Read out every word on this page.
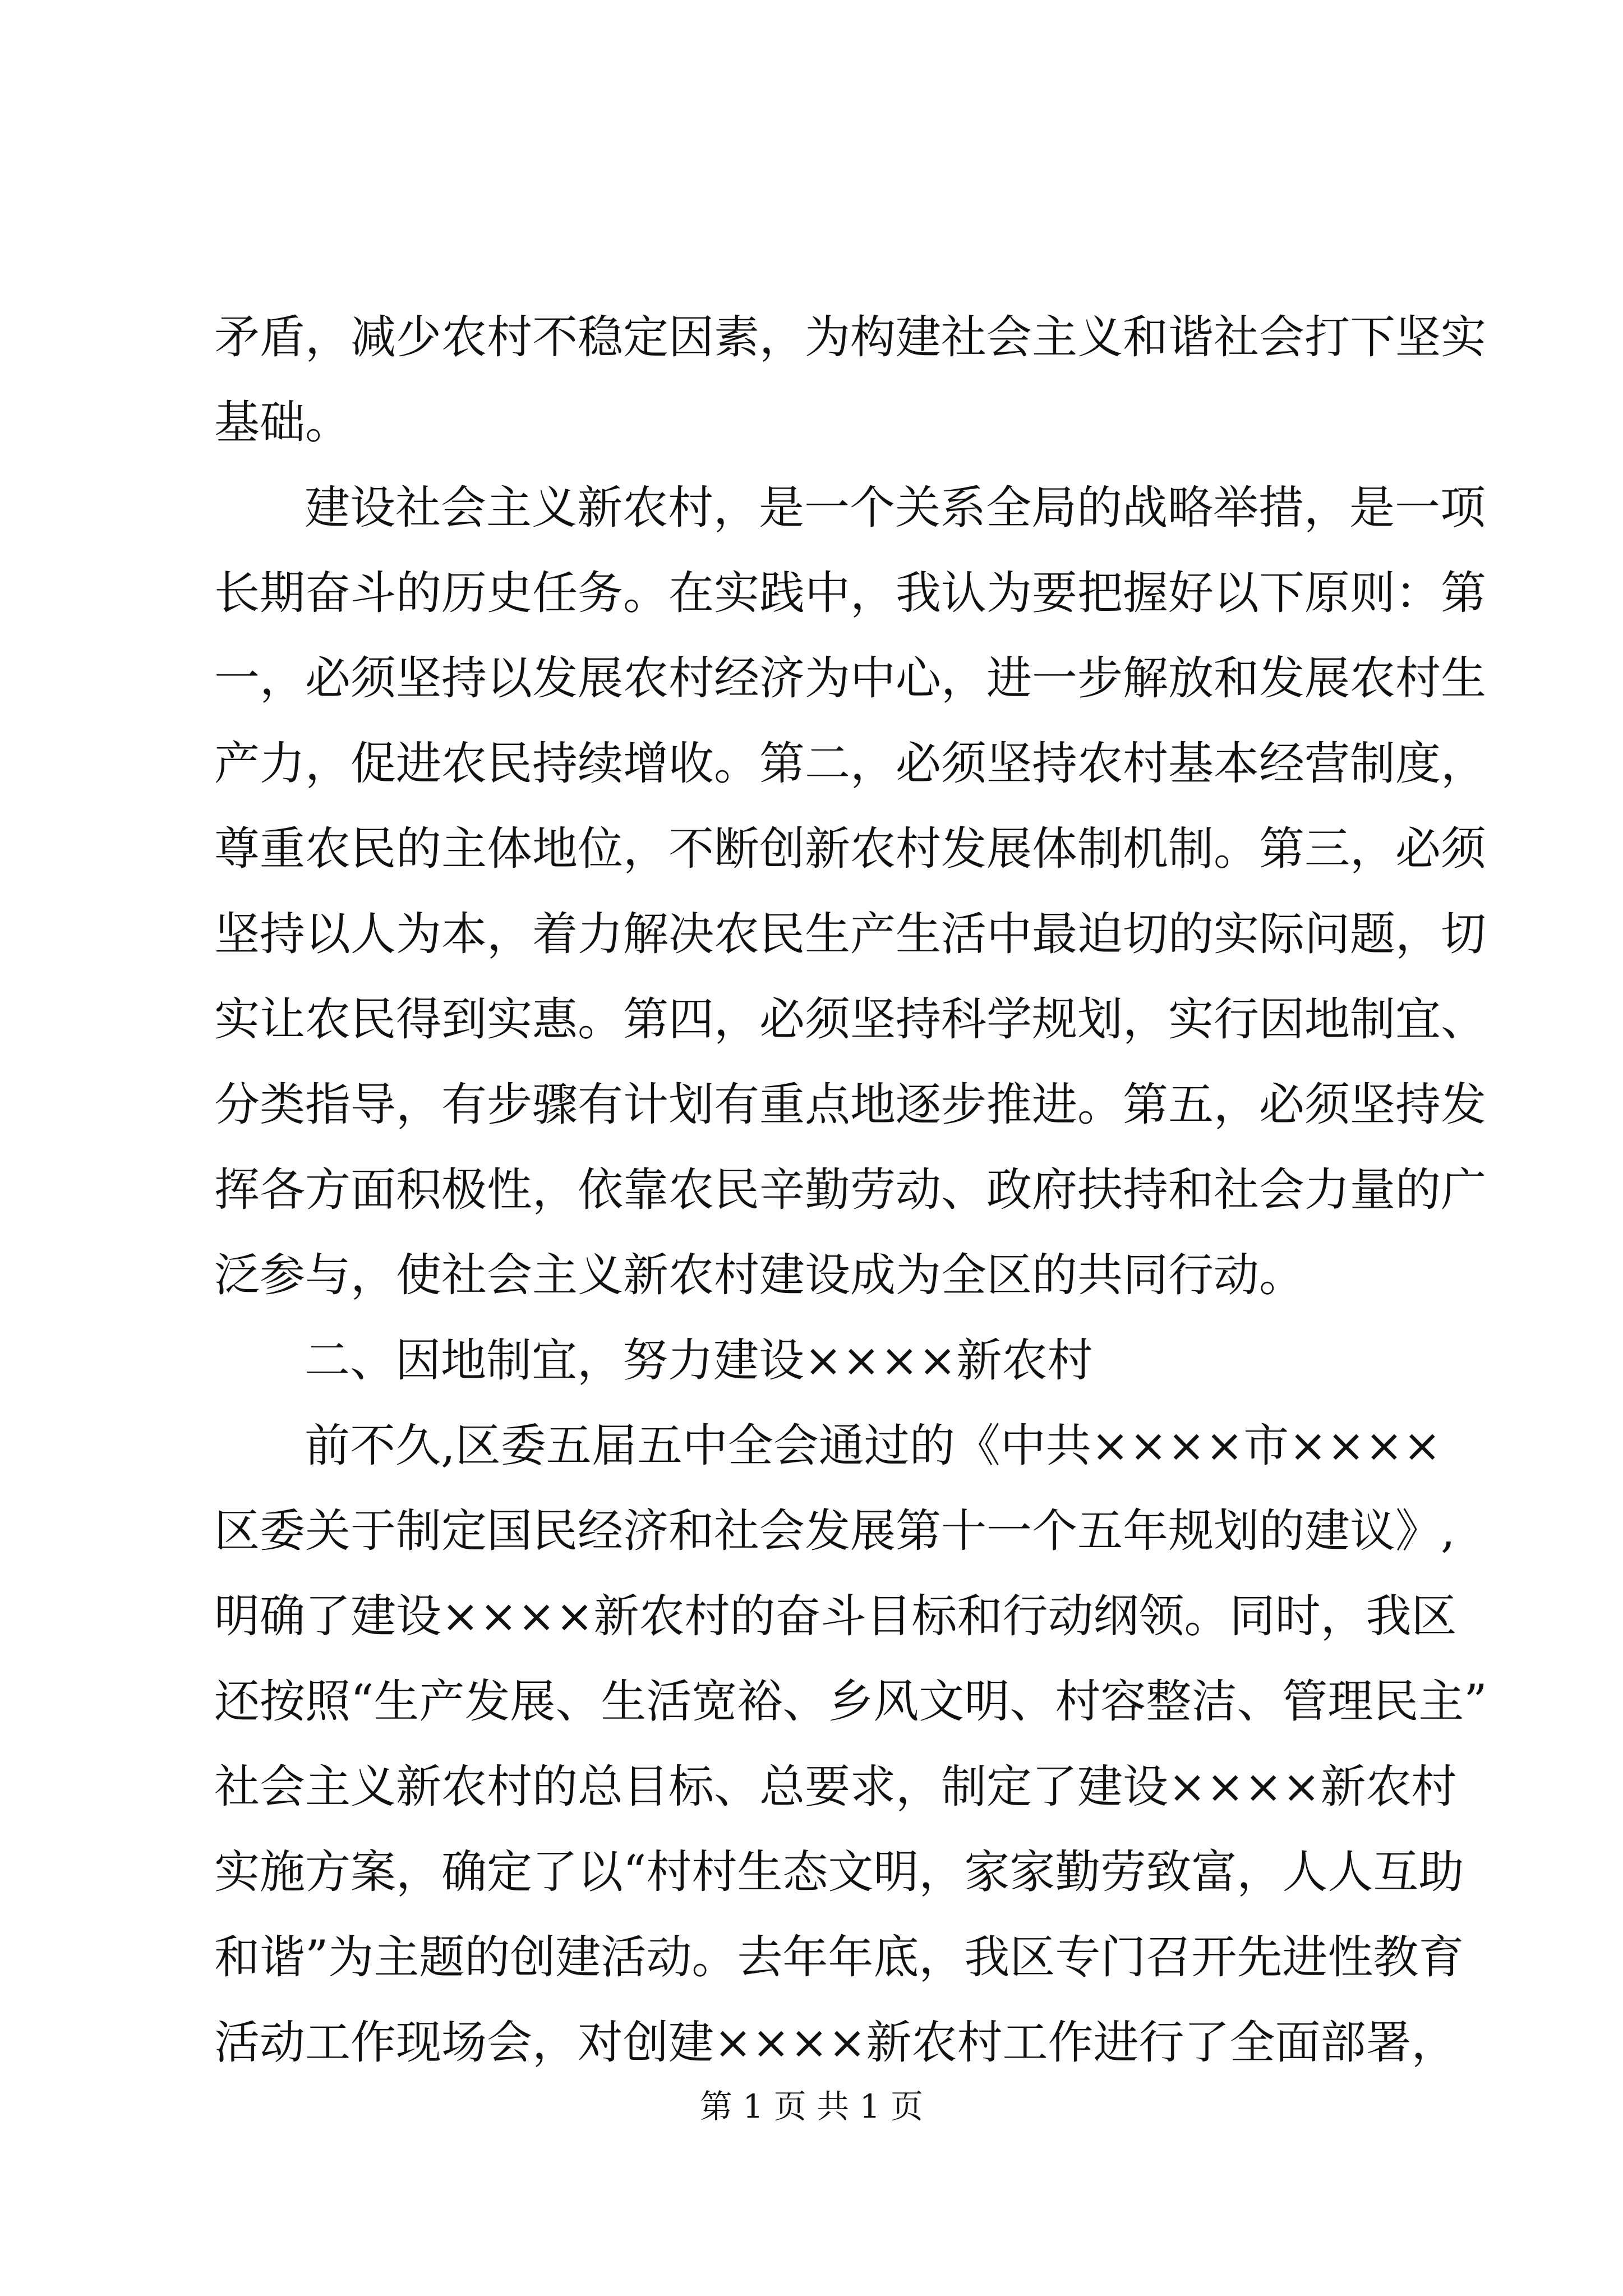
矛盾，减少农村不稳定因素，为构建社会主义和谐社会打下坚实
基础。
建设社会主义新农村，是一个关系全局的战略举措，是一项
长期奋斗的历史任务。在实践中，我认为要把握好以下原则：第
一，必须坚持以发展农村经济为中心，进一步解放和发展农村生
产力，促进农民持续增收。第二，必须坚持农村基本经营制度，
尊重农民的主体地位，不断创新农村发展体制机制。第三，必须
坚持以人为本，着力解决农民生产生活中最迫切的实际问题，切
实让农民得到实惠。第四，必须坚持科学规划，实行因地制宜、
分类指导，有步骤有计划有重点地逐步推进。第五，必须坚持发
挥各方面积极性，依靠农民辛勤劳动、政府扶持和社会力量的广
泛参与，使社会主义新农村建设成为全区的共同行动。
二、因地制宜，努力建设××××新农村
前不久,区委五届五中全会通过的《中共××××市××××
区委关于制定国民经济和社会发展第十一个五年规划的建议》,
明确了建设××××新农村的奋斗目标和行动纲领。同时，我区
还按照“生产发展、生活宽裕、乡风文明、村容整洁、管理民主”
社会主义新农村的总目标、总要求，制定了建设××××新农村
实施方案，确定了以“村村生态文明，家家勤劳致富，人人互助
和谐”为主题的创建活动。去年年底，我区专门召开先进性教育
活动工作现场会，对创建××××新农村工作进行了全面部署，
第 1 页 共 1 页
